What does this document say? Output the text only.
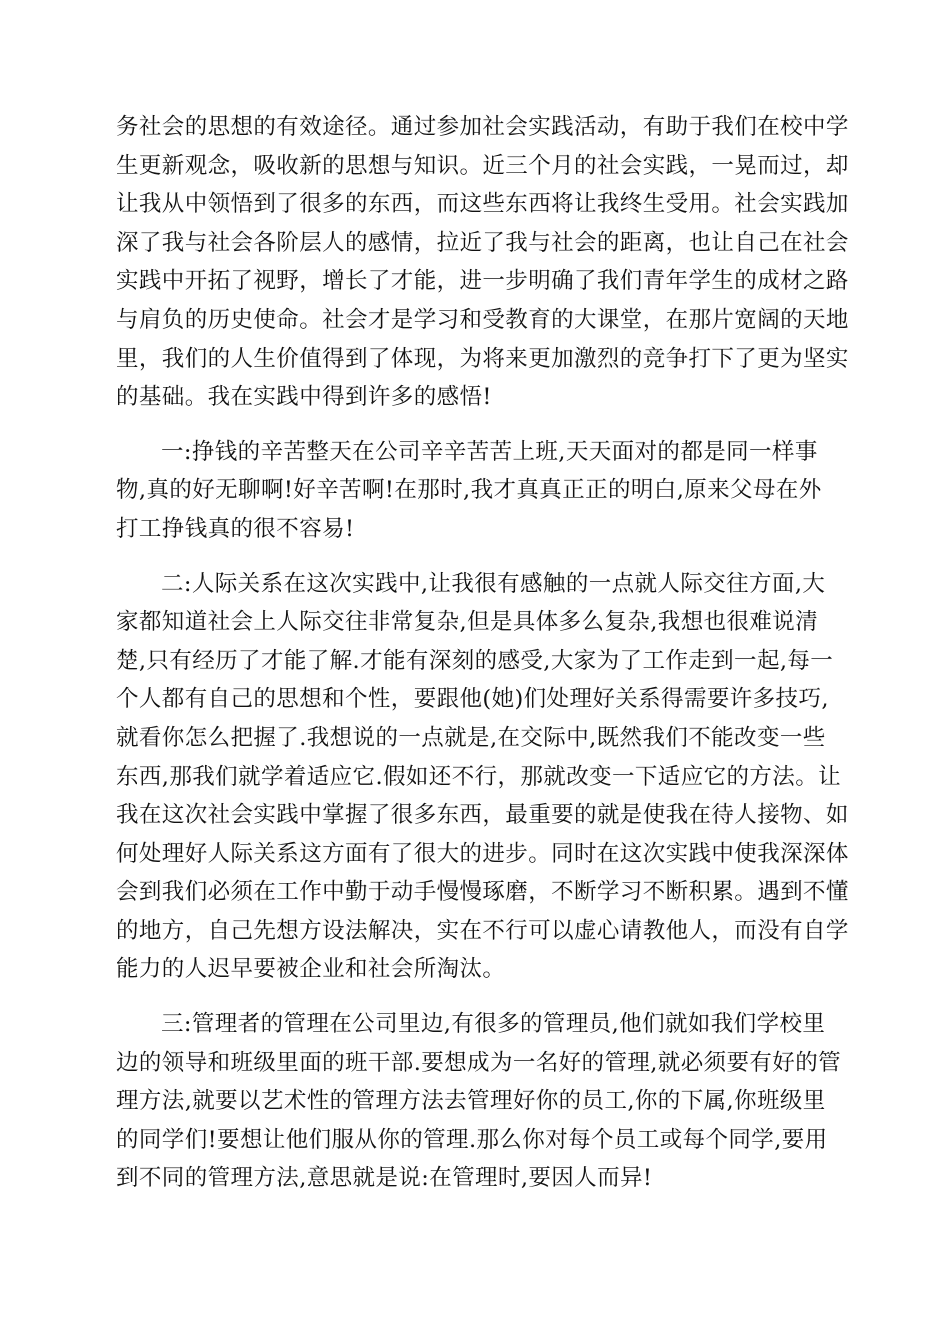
务社会的思想的有效途径。通过参加社会实践活动，有助于我们在校中学
生更新观念，吸收新的思想与知识。近三个月的社会实践，一晃而过，却
让我从中领悟到了很多的东西，而这些东西将让我终生受用。社会实践加
深了我与社会各阶层人的感情，拉近了我与社会的距离，也让自己在社会
实践中开拓了视野，增长了才能，进一步明确了我们青年学生的成材之路
与肩负的历史使命。社会才是学习和受教育的大课堂，在那片宽阔的天地
里，我们的人生价值得到了体现，为将来更加激烈的竞争打下了更为坚实
的基础。我在实践中得到许多的感悟!

一:挣钱的辛苦整天在公司辛辛苦苦上班,天天面对的都是同一样事
物,真的好无聊啊!好辛苦啊!在那时,我才真真正正的明白,原来父母在外
打工挣钱真的很不容易!

二:人际关系在这次实践中,让我很有感触的一点就人际交往方面,大
家都知道社会上人际交往非常复杂,但是具体多么复杂,我想也很难说清
楚,只有经历了才能了解.才能有深刻的感受,大家为了工作走到一起,每一
个人都有自己的思想和个性，要跟他(她)们处理好关系得需要许多技巧,
就看你怎么把握了.我想说的一点就是,在交际中,既然我们不能改变一些
东西,那我们就学着适应它.假如还不行，那就改变一下适应它的方法。让
我在这次社会实践中掌握了很多东西，最重要的就是使我在待人接物、如
何处理好人际关系这方面有了很大的进步。同时在这次实践中使我深深体
会到我们必须在工作中勤于动手慢慢琢磨，不断学习不断积累。遇到不懂
的地方，自己先想方设法解决，实在不行可以虚心请教他人，而没有自学
能力的人迟早要被企业和社会所淘汰。

三:管理者的管理在公司里边,有很多的管理员,他们就如我们学校里
边的领导和班级里面的班干部.要想成为一名好的管理,就必须要有好的管
理方法,就要以艺术性的管理方法去管理好你的员工,你的下属,你班级里
的同学们!要想让他们服从你的管理.那么你对每个员工或每个同学,要用
到不同的管理方法,意思就是说:在管理时,要因人而异!
